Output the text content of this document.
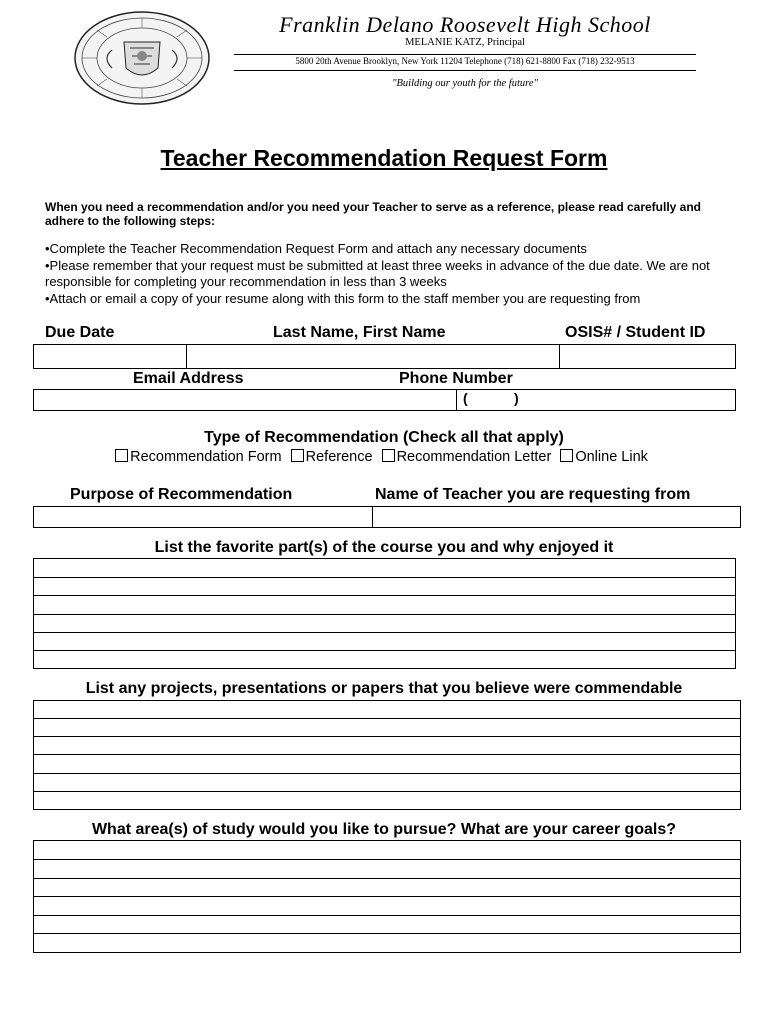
Franklin Delano Roosevelt High School
MELANIE KATZ, Principal
5800 20th Avenue Brooklyn, New York 11204 Telephone (718) 621-8800 Fax (718) 232-9513
"Building our youth for the future"
Teacher Recommendation Request Form
When you need a recommendation and/or you need your Teacher to serve as a reference, please read carefully and adhere to the following steps:
•Complete the Teacher Recommendation Request Form and attach any necessary documents
•Please remember that your request must be submitted at least three weeks in advance of the due date. We are not responsible for completing your recommendation in less than 3 weeks
•Attach or email a copy of your resume along with this form to the staff member you are requesting from
Due Date	Last Name, First Name	OSIS# / Student ID
Email Address	Phone Number
(	)
Type of Recommendation (Check all that apply)
Recommendation Form Reference Recommendation Letter Online Link
Purpose of Recommendation	Name of Teacher you are requesting from
List the favorite part(s) of the course you and why enjoyed it
List any projects, presentations or papers that you believe were commendable
What area(s) of study would you like to pursue? What are your career goals?
